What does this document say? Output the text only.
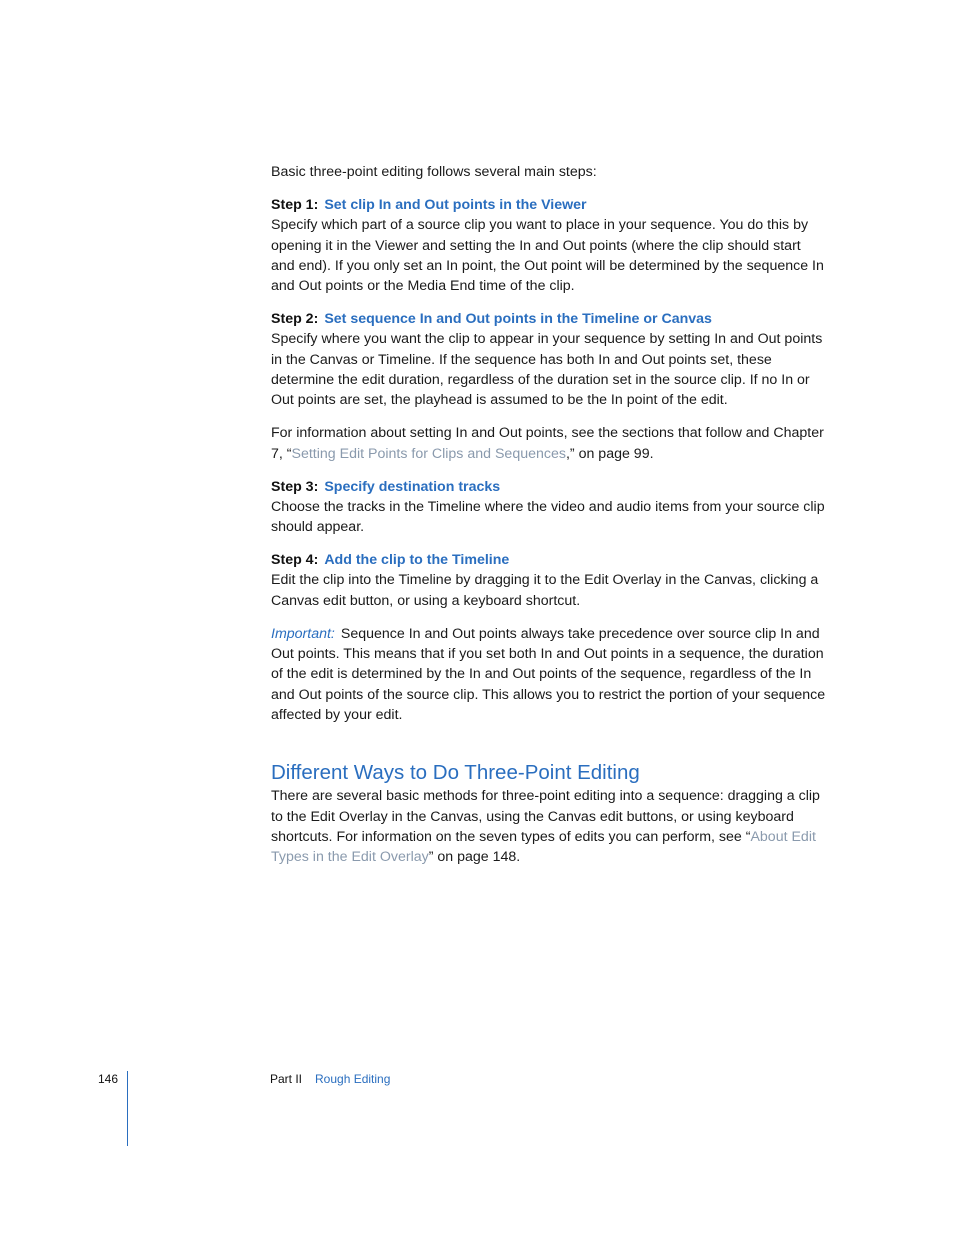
Basic three-point editing follows several main steps:

Step 1: Set clip In and Out points in the Viewer

Specify which part of a source clip you want to place in your sequence. You do this by opening it in the Viewer and setting the In and Out points (where the clip should start and end). If you only set an In point, the Out point will be determined by the sequence In and Out points or the Media End time of the clip.

Step 2: Set sequence In and Out points in the Timeline or Canvas

Specify where you want the clip to appear in your sequence by setting In and Out points in the Canvas or Timeline. If the sequence has both In and Out points set, these determine the edit duration, regardless of the duration set in the source clip. If no In or Out points are set, the playhead is assumed to be the In point of the edit.

For information about setting In and Out points, see the sections that follow and Chapter 7, “Setting Edit Points for Clips and Sequences,” on page 99.

Step 3: Specify destination tracks

Choose the tracks in the Timeline where the video and audio items from your source clip should appear.

Step 4: Add the clip to the Timeline

Edit the clip into the Timeline by dragging it to the Edit Overlay in the Canvas, clicking a Canvas edit button, or using a keyboard shortcut.

Important: Sequence In and Out points always take precedence over source clip In and Out points. This means that if you set both In and Out points in a sequence, the duration of the edit is determined by the In and Out points of the sequence, regardless of the In and Out points of the source clip. This allows you to restrict the portion of your sequence affected by your edit.

Different Ways to Do Three-Point Editing

There are several basic methods for three-point editing into a sequence: dragging a clip to the Edit Overlay in the Canvas, using the Canvas edit buttons, or using keyboard shortcuts. For information on the seven types of edits you can perform, see “About Edit Types in the Edit Overlay” on page 148.

146	Part II Rough Editing
